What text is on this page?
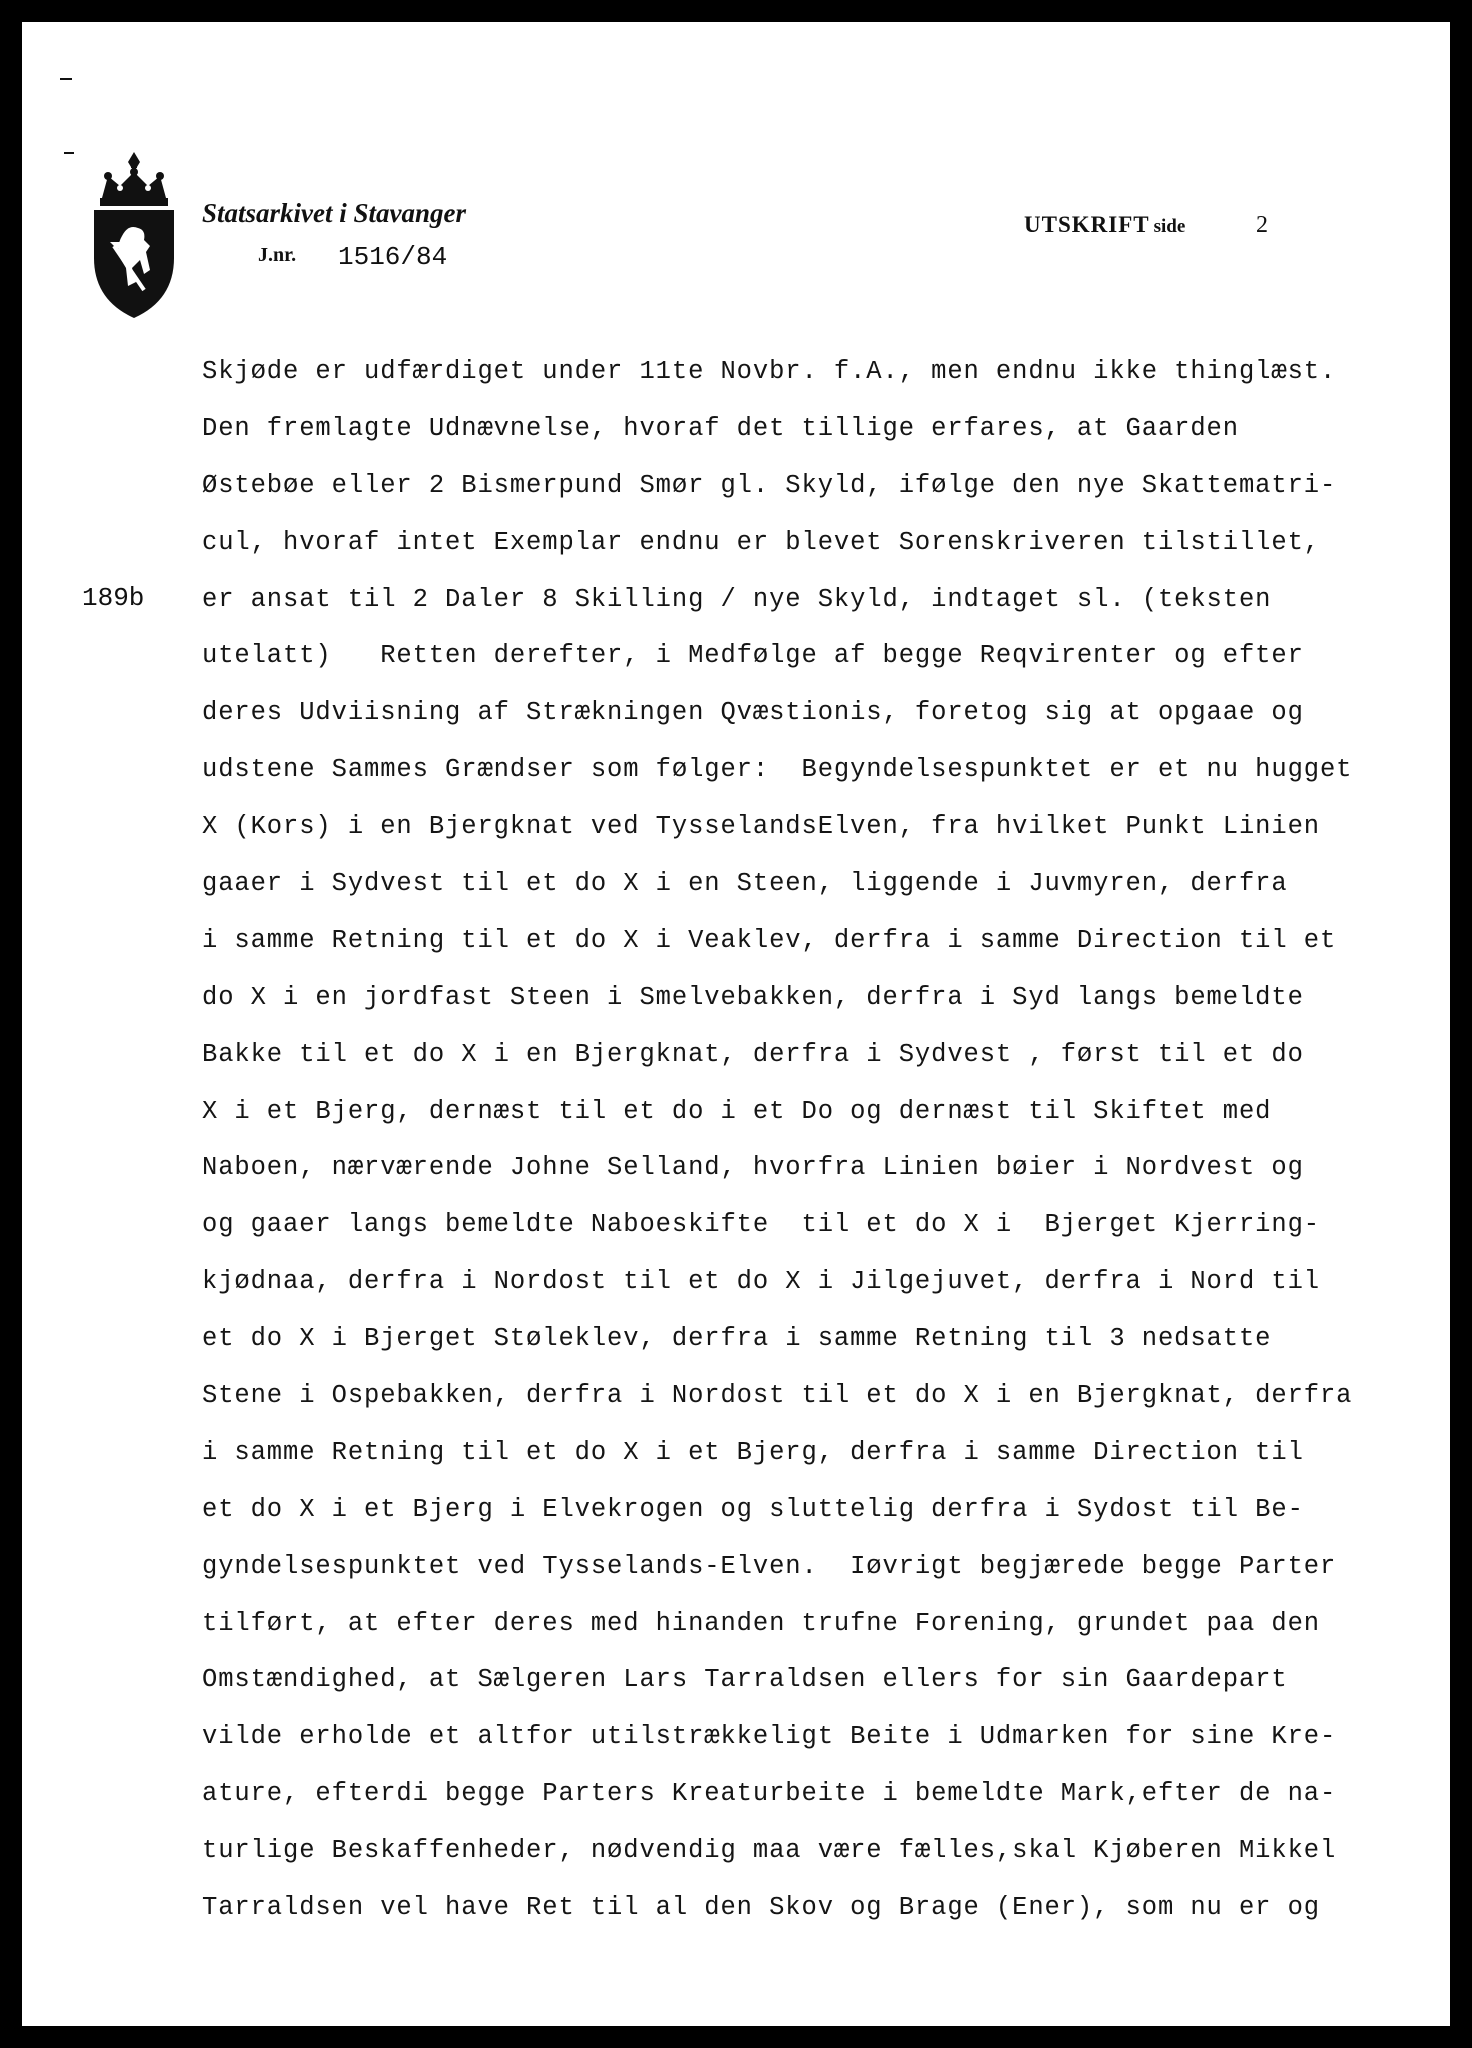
Statsarkivet i Stavanger
J.nr. 1516/84
UTSKRIFT side	2
189b
Skjøde er udfærdiget under 11te Novbr. f.A., men endnu ikke thinglæst.
Den fremlagte Udnævnelse, hvoraf det tillige erfares, at Gaarden
Østebøe eller 2 Bismerpund Smør gl. Skyld, ifølge den nye Skattematri-
cul, hvoraf intet Exemplar endnu er blevet Sorenskriveren tilstillet,
er ansat til 2 Daler 8 Skilling / nye Skyld, indtaget sl. (teksten
utelatt)   Retten derefter, i Medfølge af begge Reqvirenter og efter
deres Udviisning af Strækningen Qvæstionis, foretog sig at opgaae og
udstene Sammes Grændser som følger:  Begyndelsespunktet er et nu hugget
X (Kors) i en Bjergknat ved TysselandsElven, fra hvilket Punkt Linien
gaaer i Sydvest til et do X i en Steen, liggende i Juvmyren, derfra
i samme Retning til et do X i Veaklev, derfra i samme Direction til et
do X i en jordfast Steen i Smelvebakken, derfra i Syd langs bemeldte
Bakke til et do X i en Bjergknat, derfra i Sydvest , først til et do
X i et Bjerg, dernæst til et do i et Do og dernæst til Skiftet med
Naboen, nærværende Johne Selland, hvorfra Linien bøier i Nordvest og
og gaaer langs bemeldte Naboeskifte  til et do X i  Bjerget Kjerring-
kjødnaa, derfra i Nordost til et do X i Jilgejuvet, derfra i Nord til
et do X i Bjerget Støleklev, derfra i samme Retning til 3 nedsatte
Stene i Ospebakken, derfra i Nordost til et do X i en Bjergknat, derfra
i samme Retning til et do X i et Bjerg, derfra i samme Direction til
et do X i et Bjerg i Elvekrogen og sluttelig derfra i Sydost til Be-
gyndelsespunktet ved Tysselands-Elven.  Iøvrigt begjærede begge Parter
tilført, at efter deres med hinanden trufne Forening, grundet paa den
Omstændighed, at Sælgeren Lars Tarraldsen ellers for sin Gaardepart
vilde erholde et altfor utilstrækkeligt Beite i Udmarken for sine Kre-
ature, efterdi begge Parters Kreaturbeite i bemeldte Mark,efter de na-
turlige Beskaffenheder, nødvendig maa være fælles,skal Kjøberen Mikkel
Tarraldsen vel have Ret til al den Skov og Brage (Ener), som nu er og
